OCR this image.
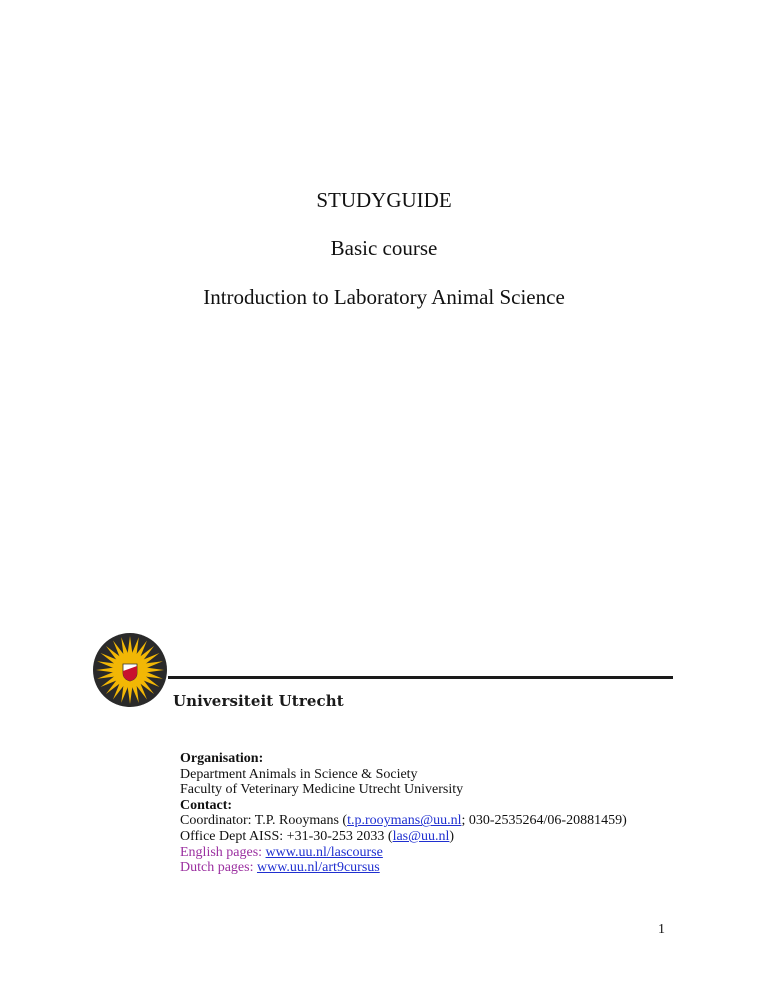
STUDYGUIDE
Basic course
Introduction to Laboratory Animal Science
Universiteit Utrecht
Organisation:
Department Animals in Science & Society
Faculty of Veterinary Medicine Utrecht University
Contact:
Coordinator: T.P. Rooymans (t.p.rooymans@uu.nl; 030-2535264/06-20881459)
Office Dept AISS: +31-30-253 2033 (las@uu.nl)
English pages: www.uu.nl/lascourse
Dutch pages: www.uu.nl/art9cursus
1
